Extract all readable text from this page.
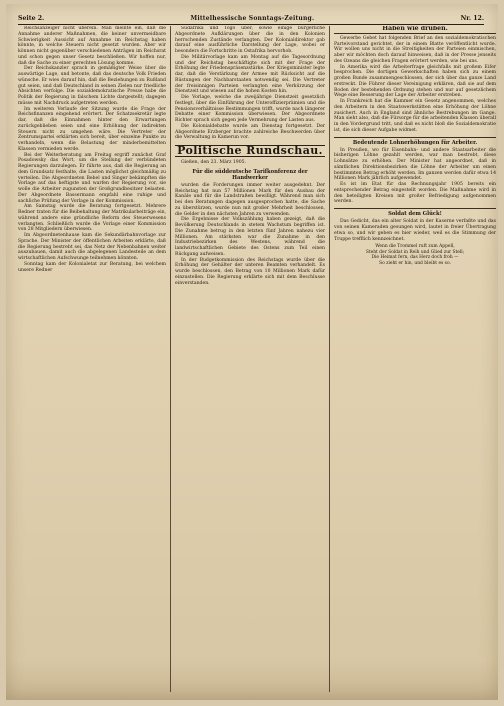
Seite 2.	Mittelhessische Sonntags-Zeitung.	Nr. 12.

Reichsanzeiger nicht überein. Man meinte ein, daß die Annahme anderer Maßnahmen, die keiner unvermeidbare Schwierigkeit Aussicht auf Annahme im Reichstag haben könnte, in welche Steuern nicht gesetzt wurden. Aber wir können nicht gegenüber verschiedenen Anträgen im Reichsrat und schon gegen unser Gesetz beschließen. Wir hoffen nur, daß die Sache zu einer gerechten Lösung komme.

Der Reichskanzler sprach in gemäßigter Weise über die auswärtige Lage, und betonte, daß das deutsche Volk Frieden wünsche. Er wies darauf hin, daß die Beziehungen zu Rußland gut seien, und daß Deutschland in seinen Zielen nur friedliche Absichten verfolge. Die sozialdemokratische Presse habe die Politik der Regierung in falschem Lichte dargestellt; dagegen müsse mit Nachdruck aufgetreten werden.

Im weiteren Verlaufe der Sitzung wurde die Frage der Reichsfinanzen eingehend erörtert. Der Schatzsekretär legte dar, daß die Einnahmen hinter den Erwartungen zurückgeblieben seien und eine Erhöhung der indirekten Steuern nicht zu umgehen wäre. Die Vertreter der Zentrumspartei erklärten sich bereit, über einzelne Punkte zu verhandeln, wenn die Belastung der minderbemittelten Klassen vermieden werde.

Bei der Weiterberatung am Freitag ergriff zunächst Graf Posadowsky das Wort, um die Stellung der verbündeten Regierungen darzulegen. Er führte aus, daß die Regierung an dem Grundsatz festhalte, die Lasten möglichst gleichmäßig zu verteilen. Die Abgeordneten Bebel und Singer bekämpften die Vorlage auf das heftigste und warfen der Regierung vor, sie wolle die Arbeiter zugunsten der Großgrundbesitzer belasten. Der Abgeordnete Bassermann empfahl eine ruhige und sachliche Prüfung der Vorlage in der Kommission.

Am Samstag wurde die Beratung fortgesetzt. Mehrere Redner traten für die Beibehaltung der Matrikularbeiträge ein, während andere eine gründliche Reform des Steuerwesens verlangten. Schließlich wurde die Vorlage einer Kommission von 28 Mitgliedern überwiesen.

Im Abgeordnetenhause kam die Sekundärbahnvorlage zur Sprache. Der Minister der öffentlichen Arbeiten erklärte, daß die Regierung bestrebt sei, das Netz der Nebenbahnen weiter auszubauen, damit auch die abgelegenen Landesteile an dem wirtschaftlichen Aufschwunge teilnehmen könnten.

Sonntag kam der Kolonialetat zur Beratung, bei welchem unsere Redner

Südafrika und Togo über, sowie einige bürgerliche Abgeordnete Aufklärungen über die in den Kolonien herrschenden Zustände verlangten. Der Kolonialdirektor gab darauf eine ausführliche Darstellung der Lage, wobei er besonders die Fortschritte in Ostafrika hervorhob.

Die Militärvorlage kam am Montag auf die Tagesordnung und der Reichstag beschäftigte sich mit der Frage der Erhöhung der Friedenspräsenzstärke. Der Kriegsminister legte dar, daß die Verstärkung der Armee mit Rücksicht auf die Rüstungen der Nachbarstaaten notwendig sei. Die Vertreter der freisinnigen Parteien verlangten eine Verkürzung der Dienstzeit und wiesen auf die hohen Kosten hin.

Die Vorlage, welche die zweijährige Dienstzeit gesetzlich festlegt, über die Einführung der Unteroffizierprämien und die Pensionsverhältnisse Bestimmungen trifft, wurde nach längerer Debatte einer Kommission überwiesen. Der Abgeordnete Richter sprach sich gegen jede Vermehrung der Lasten aus.

Die Kolonialdebatte wurde am Dienstag fortgesetzt. Der Abgeordnete Erzberger brachte zahlreiche Beschwerden über die Verwaltung in Kamerun vor.

Politische Rundschau.

Gießen, den 23. März 1905.

Für die süddeutsche Tarifkonferenz der Handwerker

wurden die Forderungen immer weiter ausgedehnt. Der Reichstag hat nun 57 Millionen Mark für den Ausbau der Kanäle und für die Landstraßen bewilligt. Während man sich bei den Beratungen dagegen ausgesprochen hatte, die Sache zu überstürzen, wurde nun mit großer Mehrheit beschlossen, die Gelder in den nächsten Jahren zu verwenden.

Die Ergebnisse der Volkszählung haben gezeigt, daß die Bevölkerung Deutschlands in stetem Wachstum begriffen ist. Die Zunahme betrug in den letzten fünf Jahren nahezu vier Millionen. Am stärksten war die Zunahme in den Industriebezirken des Westens, während die landwirtschaftlichen Gebiete des Ostens zum Teil einen Rückgang aufweisen.

In der Budgetkommission des Reichstags wurde über die Erhöhung der Gehälter der unteren Beamten verhandelt. Es wurde beschlossen, den Betrag von 10 Millionen Mark dafür einzustellen. Die Regierung erklärte sich mit dem Beschlusse einverstanden.

Häben wie drüben.

Gewerbe Gebet hat folgenden Brief an den sozialdemokratischen Parteivorstand gerichtet, der in einem Blatte veröffentlicht wurde. Wir wollen uns nicht in die Streitigkeiten der Parteien einmischen, aber wir möchten doch darauf hinweisen, daß in der Presse jenseits des Ozeans die gleichen Fragen erörtert werden, wie bei uns.

In Amerika wird die Arbeiterfrage gleichfalls mit großem Eifer besprochen. Die dortigen Gewerkschaften haben sich zu einem großen Bunde zusammengeschlossen, der sich über das ganze Land erstreckt. Die Führer dieser Vereinigung erklären, daß sie auf dem Boden der bestehenden Ordnung stehen und nur auf gesetzlichem Wege eine Besserung der Lage der Arbeiter erstreben.

In Frankreich hat die Kammer ein Gesetz angenommen, welches den Arbeitern in den Staatswerkstätten eine Erhöhung der Löhne zusichert. Auch in England sind ähnliche Bestrebungen im Gange. Man sieht also, daß die Fürsorge für die arbeitenden Klassen überall in den Vordergrund tritt, und daß es nicht bloß die Sozialdemokratie ist, die sich dieser Aufgabe widmet.

Bedeutende Lohnerhöhungen für Arbeiter.

In Preußen, wo für Eisenbahn- und andere Staatsarbeiter die bisherigen Löhne gezahlt werden, war man bestrebt, diese Lohnsätze zu erhöhen. Der Minister hat angeordnet, daß in sämtlichen Direktionsbezirken die Löhne der Arbeiter um einen bestimmten Betrag erhöht werden. Im ganzen werden dafür etwa 14 Millionen Mark jährlich aufgewendet.

Es ist im Etat für das Rechnungsjahr 1905 bereits ein entsprechender Betrag eingestellt worden. Die Maßnahme wird in den beteiligten Kreisen mit großer Befriedigung aufgenommen werden.

Soldat dem Glück!

Das Gedicht, das ein alter Soldat in der Kaserne verfaßte und das von seinen Kameraden gesungen wird, lautet in freier Übertragung etwa so, und wir geben es hier wieder, weil es die Stimmung der Truppe trefflich kennzeichnet.

Wenn die Trommel ruft zum Appell,
Steht der Soldat in Reih und Glied zur Stell;
Die Heimat fern, das Herz doch froh —
So zieht er hin, und bleibt es so.
